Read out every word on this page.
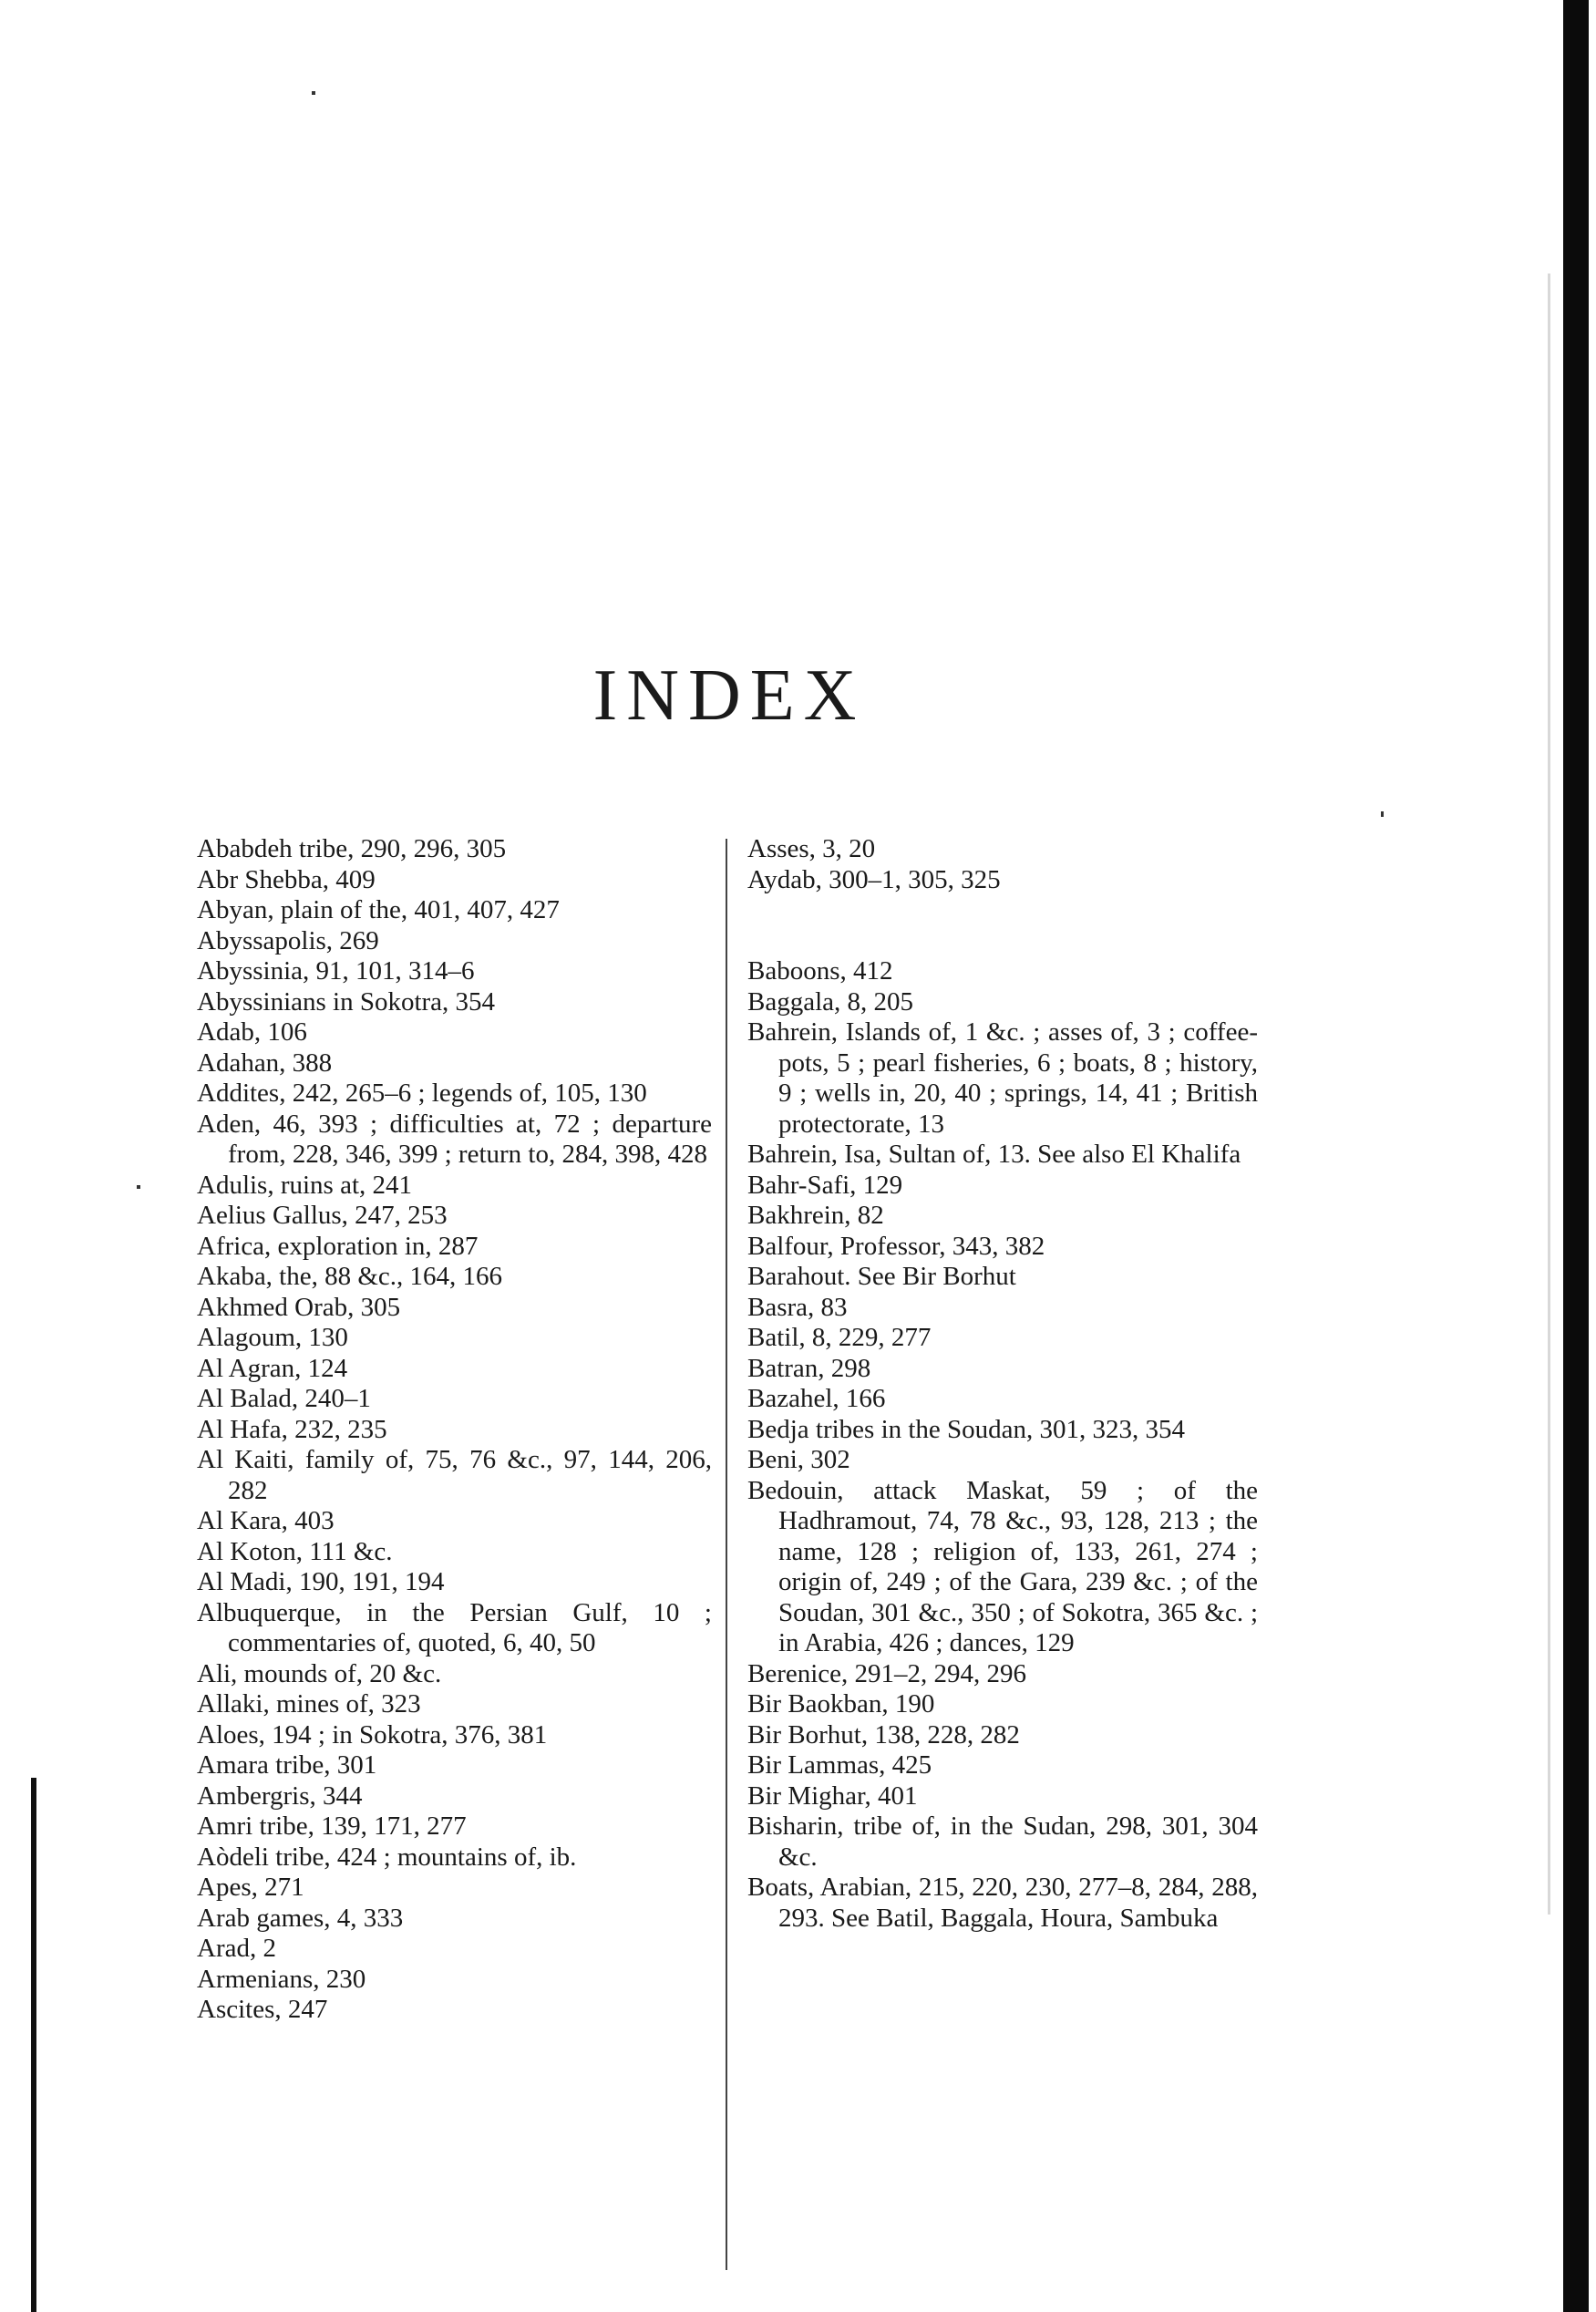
INDEX

Ababdeh tribe, 290, 296, 305

Abr Shebba, 409

Abyan, plain of the, 401, 407, 427

Abyssapolis, 269

Abyssinia, 91, 101, 314–6

Abyssinians in Sokotra, 354

Adab, 106

Adahan, 388

Addites, 242, 265–6 ; legends of, 105, 130

Aden, 46, 393 ; difficulties at, 72 ; departure from, 228, 346, 399 ; return to, 284, 398, 428

Adulis, ruins at, 241

Aelius Gallus, 247, 253

Africa, exploration in, 287

Akaba, the, 88 &c., 164, 166

Akhmed Orab, 305

Alagoum, 130

Al Agran, 124

Al Balad, 240–1

Al Hafa, 232, 235

Al Kaiti, family of, 75, 76 &c., 97, 144, 206, 282

Al Kara, 403

Al Koton, 111 &c.

Al Madi, 190, 191, 194

Albuquerque, in the Persian Gulf, 10 ; commentaries of, quoted, 6, 40, 50

Ali, mounds of, 20 &c.

Allaki, mines of, 323

Aloes, 194 ; in Sokotra, 376, 381

Amara tribe, 301

Ambergris, 344

Amri tribe, 139, 171, 277

Aòdeli tribe, 424 ; mountains of, ib.

Apes, 271

Arab games, 4, 333

Arad, 2

Armenians, 230

Ascites, 247

Asses, 3, 20

Aydab, 300–1, 305, 325

Baboons, 412

Baggala, 8, 205

Bahrein, Islands of, 1 &c. ; asses of, 3 ; coffee-pots, 5 ; pearl fisheries, 6 ; boats, 8 ; history, 9 ; wells in, 20, 40 ; springs, 14, 41 ; British protectorate, 13

Bahrein, Isa, Sultan of, 13. See also El Khalifa

Bahr-Safi, 129

Bakhrein, 82

Balfour, Professor, 343, 382

Barahout. See Bir Borhut

Basra, 83

Batil, 8, 229, 277

Batran, 298

Bazahel, 166

Bedja tribes in the Soudan, 301, 323, 354

Beni, 302

Bedouin, attack Maskat, 59 ; of the Hadhramout, 74, 78 &c., 93, 128, 213 ; the name, 128 ; religion of, 133, 261, 274 ; origin of, 249 ; of the Gara, 239 &c. ; of the Soudan, 301 &c., 350 ; of Sokotra, 365 &c. ; in Arabia, 426 ; dances, 129

Berenice, 291–2, 294, 296

Bir Baokban, 190

Bir Borhut, 138, 228, 282

Bir Lammas, 425

Bir Mighar, 401

Bisharin, tribe of, in the Sudan, 298, 301, 304 &c.

Boats, Arabian, 215, 220, 230, 277–8, 284, 288, 293. See Batil, Baggala, Houra, Sambuka
